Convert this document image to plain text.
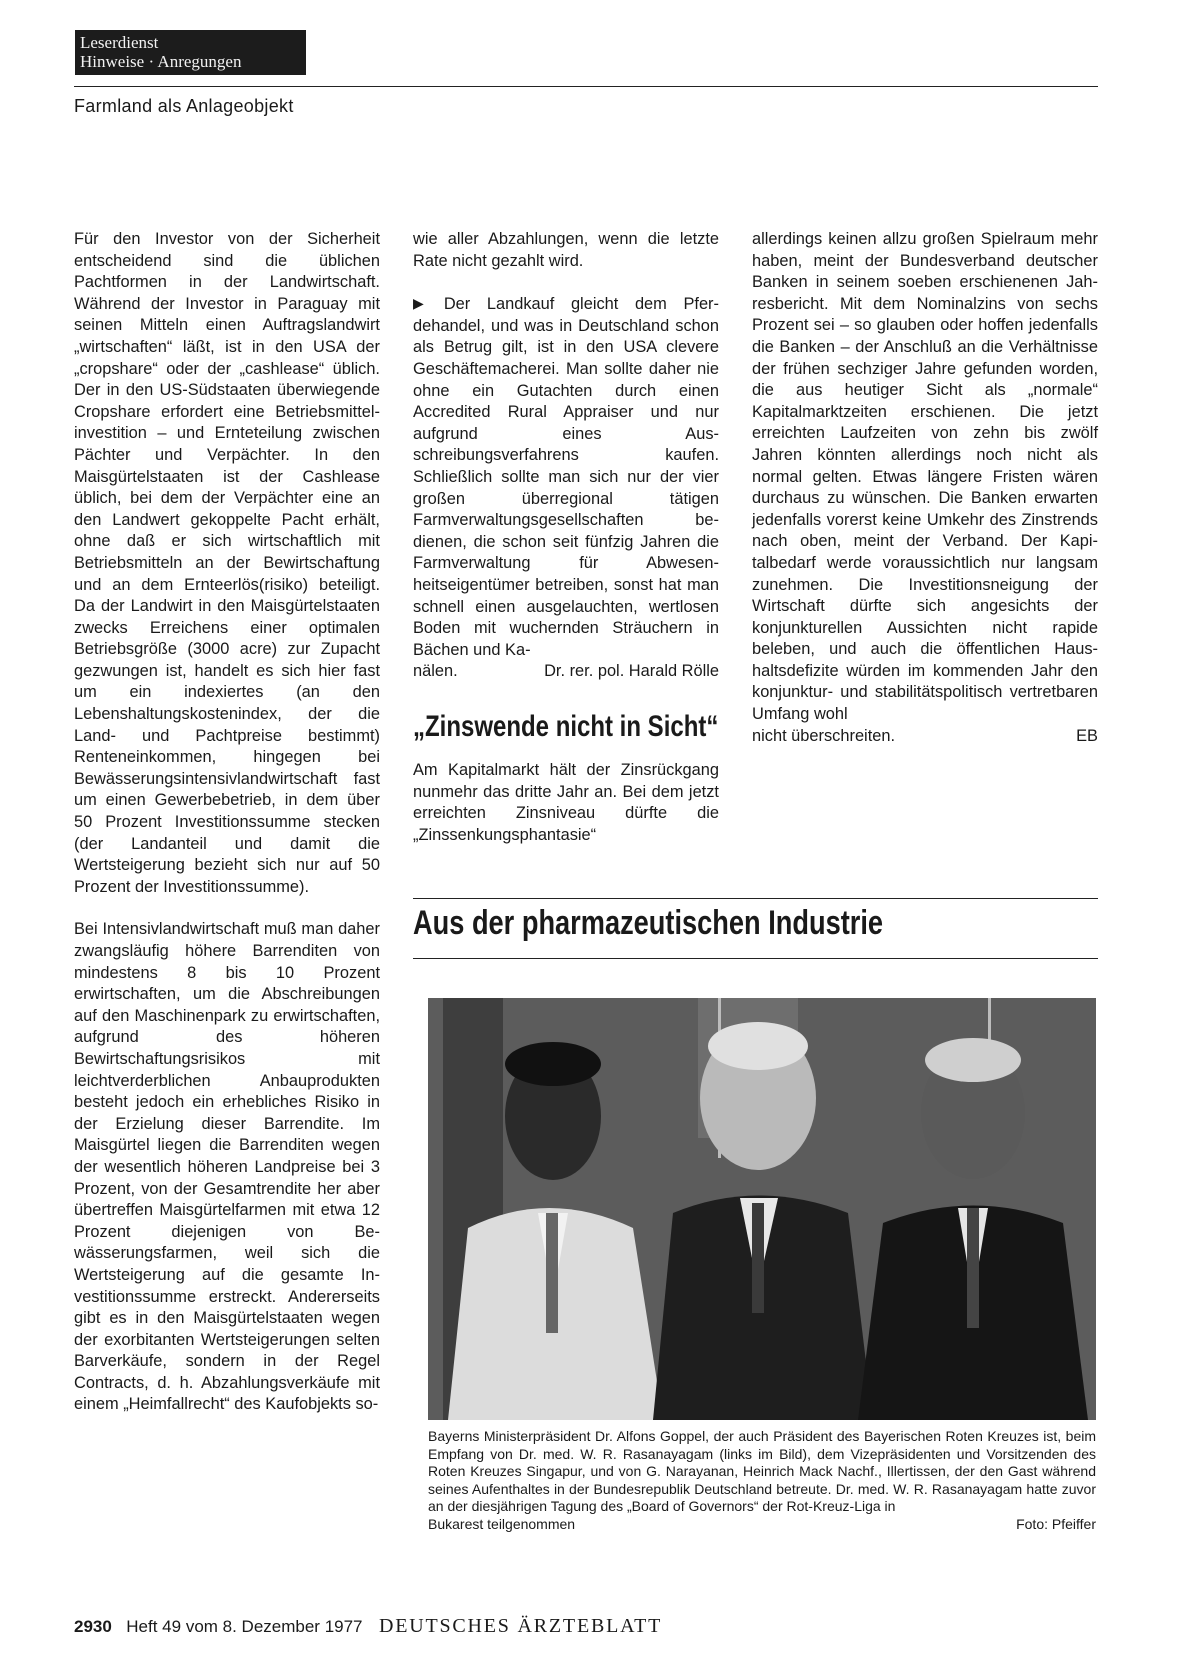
Leserdienst
Hinweise · Anregungen
Farmland als Anlageobjekt

Für den Investor von der Sicherheit entscheidend sind die üblichen Pachtformen in der Landwirtschaft. Während der Investor in Paraguay mit seinen Mitteln einen Auftragslandwirt „wirtschaften“ läßt, ist in den USA der „cropshare“ oder der „cashlease“ üblich. Der in den US-Südstaaten überwiegende Cropshare erfordert eine Betriebsmittelinvestition – und Ernteteilung zwischen Pächter und Verpächter. In den Maisgürtelstaaten ist der Cashlease üblich, bei dem der Verpächter eine an den Landwert gekoppelte Pacht erhält, ohne daß er sich wirtschaftlich mit Betriebsmitteln an der Bewirtschaftung und an dem Ernteerlös(risiko) beteiligt. Da der Landwirt in den Maisgürtelstaaten zwecks Erreichens einer optimalen Betriebsgröße (3000 acre) zur Zupacht gezwungen ist, handelt es sich hier fast um ein indexiertes (an den Lebenshaltungskostenindex, der die Land- und Pachtpreise bestimmt) Renteneinkommen, hingegen bei Bewässerungsintensivlandwirtschaft fast um einen Gewerbebetrieb, in dem über 50 Prozent Investitionssumme stecken (der Landanteil und damit die Wertsteigerung bezieht sich nur auf 50 Prozent der Investitionssumme).

Bei Intensivlandwirtschaft muß man daher zwangsläufig höhere Barrenditen von mindestens 8 bis 10 Prozent erwirtschaften, um die Abschreibungen auf den Maschinenpark zu erwirtschaften, aufgrund des höheren Bewirtschaftungsrisikos mit leichtverderblichen Anbauprodukten besteht jedoch ein erhebliches Risiko in der Erzielung dieser Barrendite. Im Maisgürtel liegen die Barrenditen wegen der wesentlich höheren Landpreise bei 3 Prozent, von der Gesamtrendite her aber übertreffen Maisgürtelfarmen mit etwa 12 Prozent diejenigen von Bewässerungsfarmen, weil sich die Wertsteigerung auf die gesamte Investitionssumme erstreckt. Andererseits gibt es in den Maisgürtelstaaten wegen der exorbitanten Wertsteigerungen selten Barverkäufe, sondern in der Regel Contracts, d. h. Abzahlungsverkäufe mit einem „Heimfallrecht“ des Kaufobjekts so-

wie aller Abzahlungen, wenn die letzte Rate nicht gezahlt wird.

▶ Der Landkauf gleicht dem Pferdehandel, und was in Deutschland schon als Betrug gilt, ist in den USA clevere Geschäftemacherei. Man sollte daher nie ohne ein Gutachten durch einen Accredited Rural Appraiser und nur aufgrund eines Ausschreibungsverfahrens kaufen. Schließlich sollte man sich nur der vier großen überregional tätigen Farmverwaltungsgesellschaften bedienen, die schon seit fünfzig Jahren die Farmverwaltung für Abwesenheitseigentümer betreiben, sonst hat man schnell einen ausgelauchten, wertlosen Boden mit wuchernden Sträuchern in Bächen und Ka-

nälen.	Dr. rer. pol. Harald Rölle
„Zinswende nicht in Sicht“

Am Kapitalmarkt hält der Zinsrückgang nunmehr das dritte Jahr an. Bei dem jetzt erreichten Zinsniveau dürfte die „Zinssenkungsphantasie“

allerdings keinen allzu großen Spielraum mehr haben, meint der Bundesverband deutscher Banken in seinem soeben erschienenen Jahresbericht. Mit dem Nominalzins von sechs Prozent sei – so glauben oder hoffen jedenfalls die Banken – der Anschluß an die Verhältnisse der frühen sechziger Jahre gefunden worden, die aus heutiger Sicht als „normale“ Kapitalmarktzeiten erschienen. Die jetzt erreichten Laufzeiten von zehn bis zwölf Jahren könnten allerdings noch nicht als normal gelten. Etwas längere Fristen wären durchaus zu wünschen. Die Banken erwarten jedenfalls vorerst keine Umkehr des Zinstrends nach oben, meint der Verband. Der Kapitalbedarf werde voraussichtlich nur langsam zunehmen. Die Investitionsneigung der Wirtschaft dürfte sich angesichts der konjunkturellen Aussichten nicht rapide beleben, und auch die öffentlichen Haushaltsdefizite würden im kommenden Jahr den konjunktur- und stabilitätspolitisch vertretbaren Umfang wohl

nicht überschreiten.	EB
Aus der pharmazeutischen Industrie
Bayerns Ministerpräsident Dr. Alfons Goppel, der auch Präsident des Bayerischen Roten Kreuzes ist, beim Empfang von Dr. med. W. R. Rasanayagam (links im Bild), dem Vizepräsidenten und Vorsitzenden des Roten Kreuzes Singapur, und von G. Narayanan, Heinrich Mack Nachf., Illertissen, der den Gast während seines Aufenthaltes in der Bundesrepublik Deutschland betreute. Dr. med. W. R. Rasanayagam hatte zuvor an der diesjährigen Tagung des „Board of Governors“ der Rot-Kreuz-Liga in
Bukarest teilgenommen	Foto: Pfeiffer
2930 Heft 49 vom 8. Dezember 1977 DEUTSCHES ÄRZTEBLATT
